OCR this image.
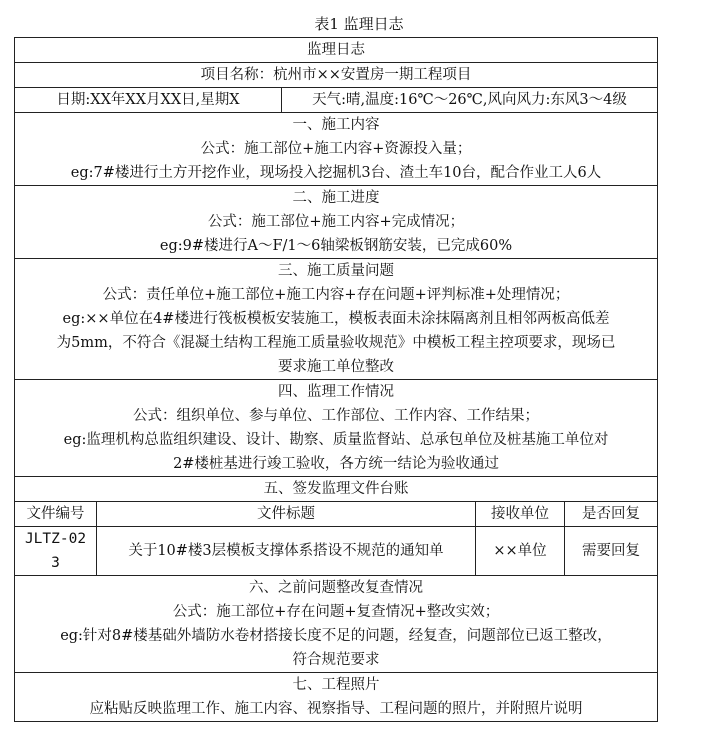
表1 监理日志
监理日志				
项目名称：杭州市××安置房一期工程项目				
日期:XX年XX月XX日,星期X		天气:晴,温度:16℃～26℃,风向风力:东风3～4级		

一、施工内容
公式：施工部位+施工内容+资源投入量；
eg:7#楼进行土方开挖作业，现场投入挖掘机3台、渣土车10台，配合作业工人6人				

二、施工进度
公式：施工部位+施工内容+完成情况；
eg:9#楼进行A～F/1～6轴梁板钢筋安装，已完成60%				

三、施工质量问题
公式：责任单位+施工部位+施工内容+存在问题+评判标准+处理情况；
eg:××单位在4#楼进行筏板模板安装施工，模板表面未涂抹隔离剂且相邻两板高低差
为5mm，不符合《混凝土结构工程施工质量验收规范》中模板工程主控项要求，现场已
要求施工单位整改				

四、监理工作情况
公式：组织单位、参与单位、工作部位、工作内容、工作结果；
eg:监理机构总监组织建设、设计、勘察、质量监督站、总承包单位及桩基施工单位对
2#楼桩基进行竣工验收，各方统一结论为验收通过				

五、签发监理文件台账				
文件编号	文件标题		接收单位	是否回复

JLTZ-02
3	关于10#楼3层模板支撑体系搭设不规范的通知单		××单位	需要回复

六、之前问题整改复查情况
公式：施工部位+存在问题+复查情况+整改实效；
eg:针对8#楼基础外墙防水卷材搭接长度不足的问题，经复查，问题部位已返工整改，
符合规范要求				

七、工程照片
应粘贴反映监理工作、施工内容、视察指导、工程问题的照片，并附照片说明				
